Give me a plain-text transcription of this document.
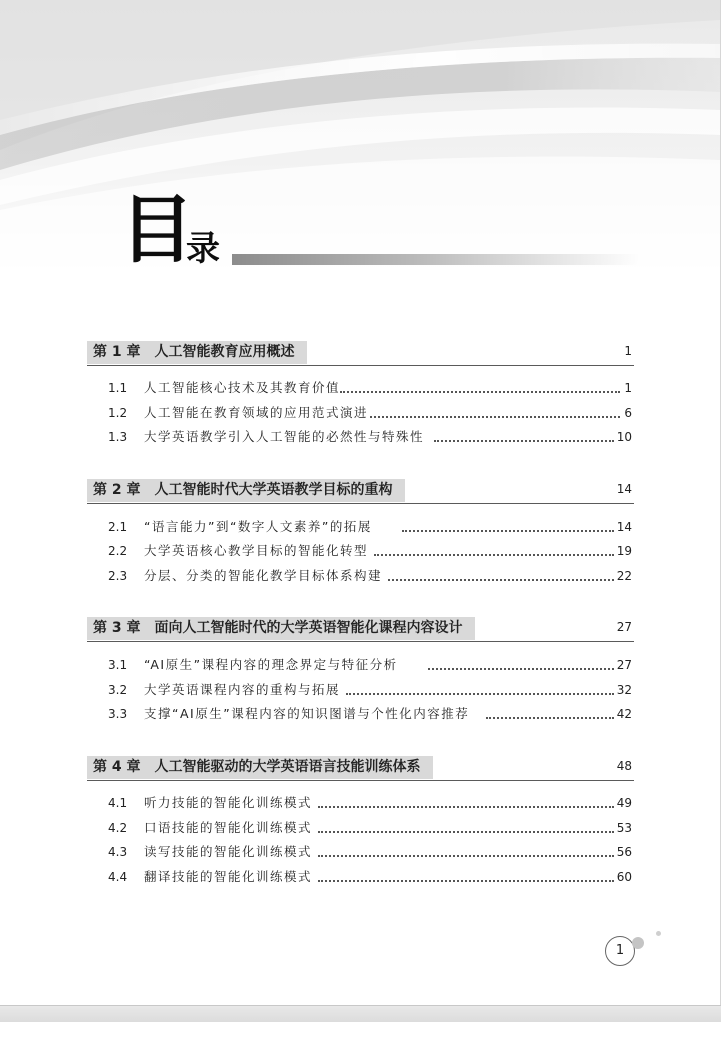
目
录
第 1 章 人工智能教育应用概述	1
1.1	人工智能核心技术及其教育价值	1
1.2	人工智能在教育领域的应用范式演进	6
1.3	大学英语教学引入人工智能的必然性与特殊性	10
第 2 章 人工智能时代大学英语教学目标的重构	14
2.1	“语言能力”到“数字人文素养”的拓展	14
2.2	大学英语核心教学目标的智能化转型	19
2.3	分层、分类的智能化教学目标体系构建	22
第 3 章 面向人工智能时代的大学英语智能化课程内容设计	27
3.1	“AI原生”课程内容的理念界定与特征分析	27
3.2	大学英语课程内容的重构与拓展	32
3.3	支撑“AI原生”课程内容的知识图谱与个性化内容推荐	42
第 4 章 人工智能驱动的大学英语语言技能训练体系	48
4.1	听力技能的智能化训练模式	49
4.2	口语技能的智能化训练模式	53
4.3	读写技能的智能化训练模式	56
4.4	翻译技能的智能化训练模式	60
1
